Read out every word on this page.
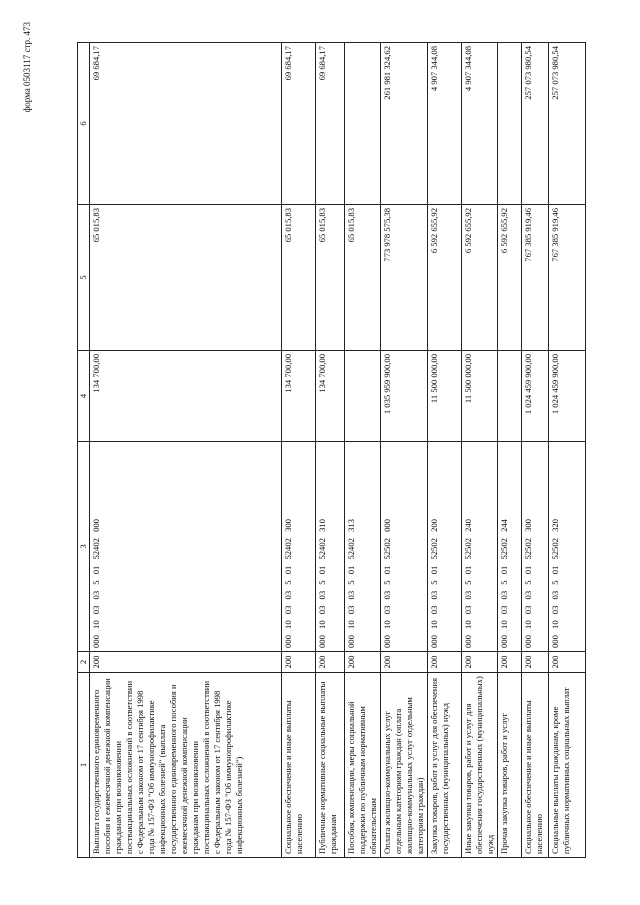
форма 0503117 стр. 473
1	2	3	4	5	6
Выплата государственного единовременного пособия и ежемесячной денежной компенсации гражданам при возникновении поствакцинальных осложнений в соответствии с Федеральным законом от 17 сентября 1998 года № 157-ФЗ "Об иммунопрофилактике инфекционных болезней" (выплата государственного единовременного пособия и ежемесячной денежной компенсации гражданам при возникновении поствакцинальных осложнений в соответствии с Федеральным законом от 17 сентября 1998 года № 157-ФЗ "Об иммунопрофилактике инфекционных болезней")	200	000 10 03 03 5 01 52402 000	134 700,00	65 015,83	69 684,17
Социальное обеспечение и иные выплаты населению	200	000 10 03 03 5 01 52402 300	134 700,00	65 015,83	69 684,17
Публичные нормативные социальные выплаты гражданам	200	000 10 03 03 5 01 52402 310	134 700,00	65 015,83	69 684,17
Пособия, компенсации, меры социальной поддержки по публичным нормативным обязательствам	200	000 10 03 03 5 01 52402 313		65 015,83	
Оплата жилищно-коммунальных услуг отдельным категориям граждан (оплата жилищно-коммунальных услуг отдельным категориям граждан)	200	000 10 03 03 5 01 52502 000	1 035 959 900,00	773 978 575,38	261 981 324,62
Закупка товаров, работ и услуг для обеспечения государственных (муниципальных) нужд	200	000 10 03 03 5 01 52502 200	11 500 000,00	6 592 655,92	4 907 344,08
Иные закупки товаров, работ и услуг для обеспечения государственных (муниципальных) нужд	200	000 10 03 03 5 01 52502 240	11 500 000,00	6 592 655,92	4 907 344,08
Прочая закупка товаров, работ и услуг	200	000 10 03 03 5 01 52502 244		6 592 655,92	
Социальное обеспечение и иные выплаты населению	200	000 10 03 03 5 01 52502 300	1 024 459 900,00	767 385 919,46	257 073 980,54
Социальные выплаты гражданам, кроме публичных нормативных социальных выплат	200	000 10 03 03 5 01 52502 320	1 024 459 900,00	767 385 919,46	257 073 980,54
